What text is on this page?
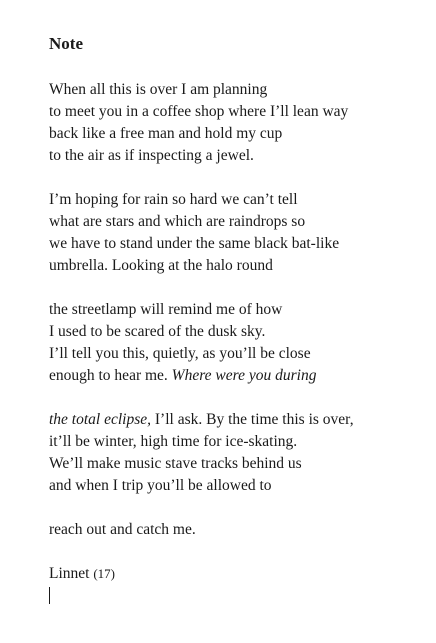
Note
When all this is over I am planning
to meet you in a coffee shop where I’ll lean way
back like a free man and hold my cup
to the air as if inspecting a jewel.
I’m hoping for rain so hard we can’t tell
what are stars and which are raindrops so
we have to stand under the same black bat-like
umbrella. Looking at the halo round
the streetlamp will remind me of how
I used to be scared of the dusk sky.
I’ll tell you this, quietly, as you’ll be close
enough to hear me. Where were you during
the total eclipse, I’ll ask. By the time this is over,
it’ll be winter, high time for ice-skating.
We’ll make music stave tracks behind us
and when I trip you’ll be allowed to
reach out and catch me.
Linnet (17)
